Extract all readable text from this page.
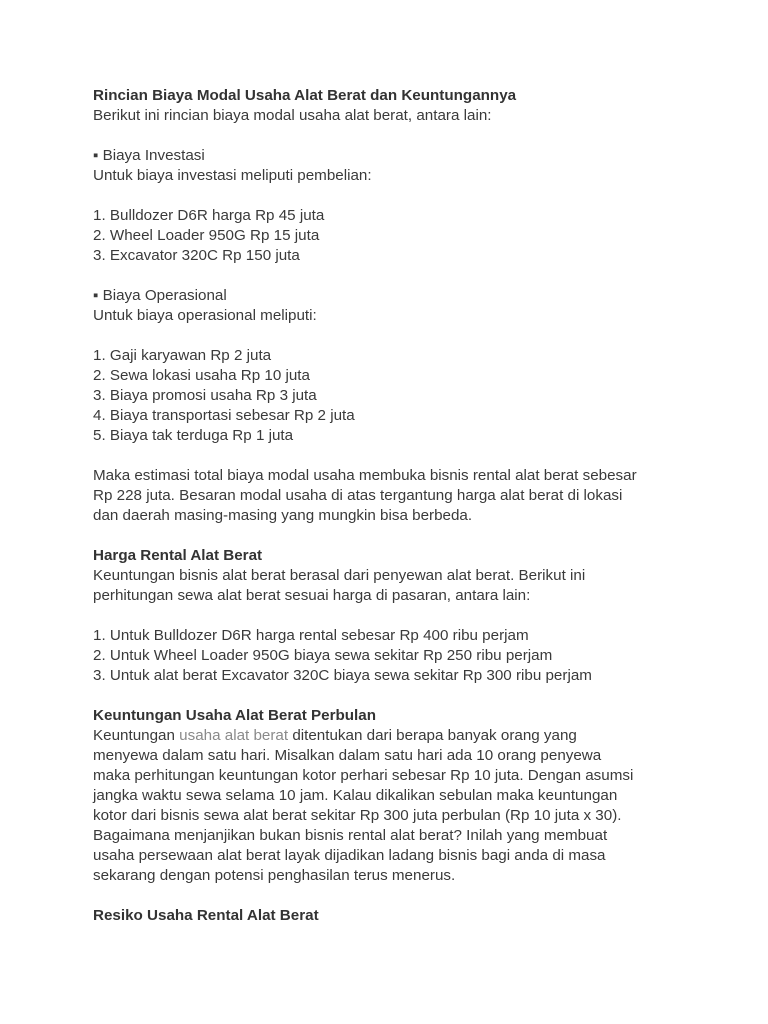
Rincian Biaya Modal Usaha Alat Berat dan Keuntungannya
Berikut ini rincian biaya modal usaha alat berat, antara lain:
▪ Biaya Investasi
Untuk biaya investasi meliputi pembelian:
1. Bulldozer D6R harga Rp 45 juta
2. Wheel Loader 950G Rp 15 juta
3. Excavator 320C Rp 150 juta
▪ Biaya Operasional
Untuk biaya operasional meliputi:
1. Gaji karyawan Rp 2 juta
2. Sewa lokasi usaha Rp 10 juta
3. Biaya promosi usaha Rp 3 juta
4. Biaya transportasi sebesar Rp 2 juta
5. Biaya tak terduga Rp 1 juta
Maka estimasi total biaya modal usaha membuka bisnis rental alat berat sebesar
Rp 228 juta. Besaran modal usaha di atas tergantung harga alat berat di lokasi
dan daerah masing-masing yang mungkin bisa berbeda.
Harga Rental Alat Berat
Keuntungan bisnis alat berat berasal dari penyewan alat berat. Berikut ini
perhitungan sewa alat berat sesuai harga di pasaran, antara lain:
1. Untuk Bulldozer D6R harga rental sebesar Rp 400 ribu perjam
2. Untuk Wheel Loader 950G biaya sewa sekitar Rp 250 ribu perjam
3. Untuk alat berat Excavator 320C biaya sewa sekitar Rp 300 ribu perjam
Keuntungan Usaha Alat Berat Perbulan
Keuntungan usaha alat berat ditentukan dari berapa banyak orang yang
menyewa dalam satu hari. Misalkan dalam satu hari ada 10 orang penyewa
maka perhitungan keuntungan kotor perhari sebesar Rp 10 juta. Dengan asumsi
jangka waktu sewa selama 10 jam. Kalau dikalikan sebulan maka keuntungan
kotor dari bisnis sewa alat berat sekitar Rp 300 juta perbulan (Rp 10 juta x 30).
Bagaimana menjanjikan bukan bisnis rental alat berat? Inilah yang membuat
usaha persewaan alat berat layak dijadikan ladang bisnis bagi anda di masa
sekarang dengan potensi penghasilan terus menerus.
Resiko Usaha Rental Alat Berat
